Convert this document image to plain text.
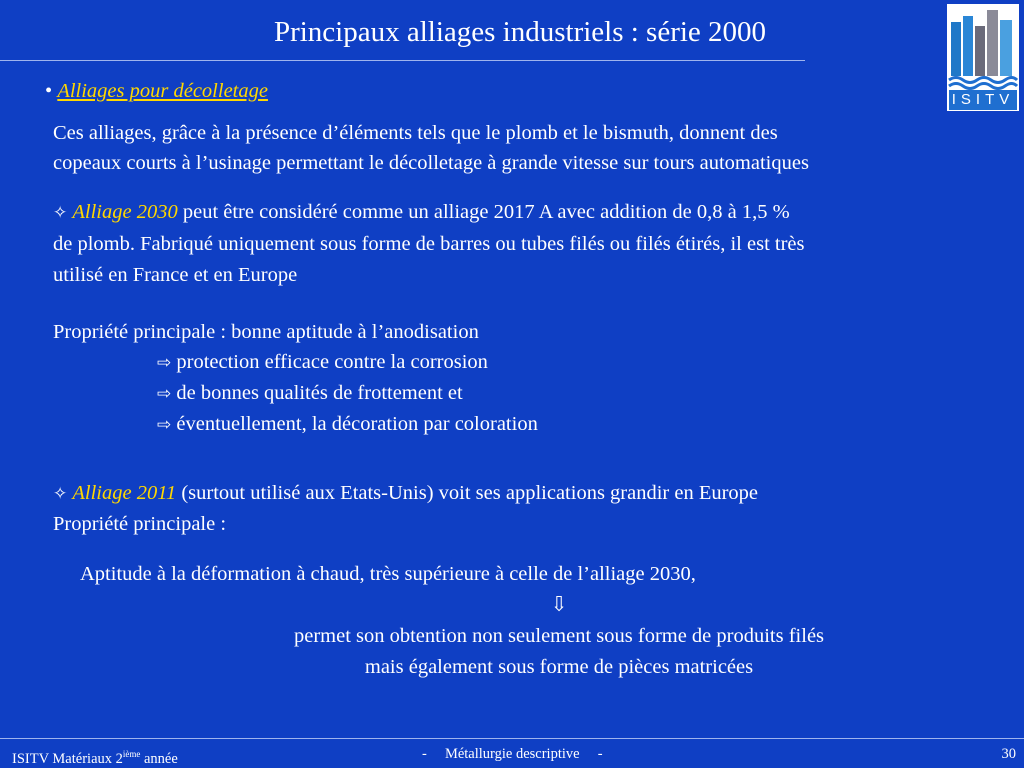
Principaux alliages industriels : série 2000
ISITV
• Alliages pour décolletage
Ces alliages, grâce à la présence d’éléments tels que le plomb et le bismuth, donnent des
copeaux courts à l’usinage permettant le décolletage à grande vitesse sur tours automatiques
✧ Alliage 2030 peut être considéré comme un alliage 2017 A avec addition de 0,8 à 1,5 %
de plomb. Fabriqué uniquement sous forme de barres ou tubes filés ou filés étirés, il est très
utilisé en France et en Europe
Propriété principale : bonne aptitude à l’anodisation
⇨ protection efficace contre la corrosion
⇨ de bonnes qualités de frottement et
⇨ éventuellement, la décoration par coloration
✧ Alliage 2011 (surtout utilisé aux Etats-Unis) voit ses applications grandir en Europe
Propriété principale :
Aptitude à la déformation à chaud, très supérieure à celle de l’alliage 2030,
⇩
permet son obtention non seulement sous forme de produits filés
mais également sous forme de pièces matricées
ISITV Matériaux 2ième année	-     Métallurgie descriptive     -	30
